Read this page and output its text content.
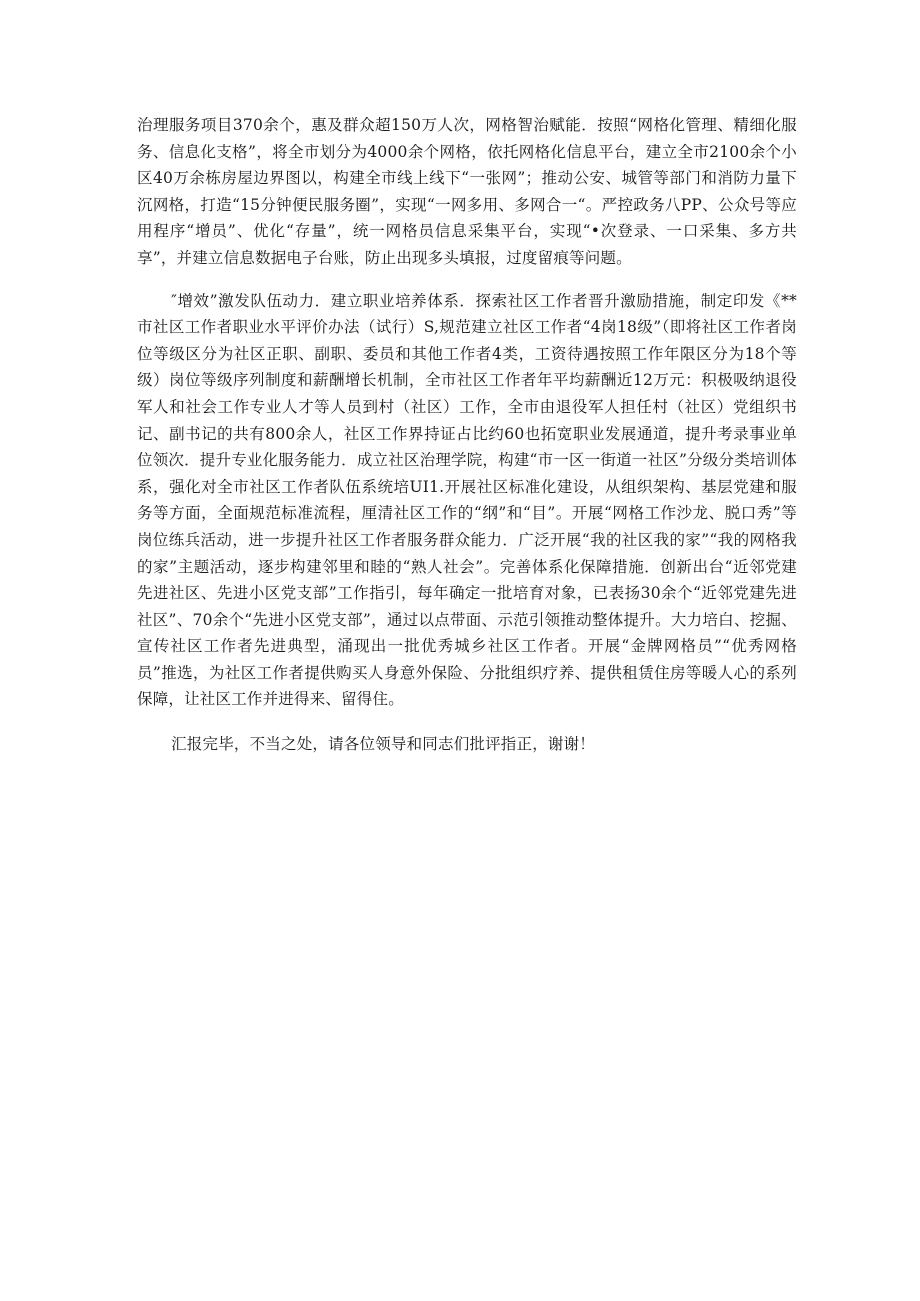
治理服务项目370余个，惠及群众超150万人次，网格智治赋能．按照“网格化管理、精细化服务、信息化支格”，将全市划分为4000余个网格，依托网格化信息平台，建立全市2100余个小区40万余栋房屋边界图以，构建全市线上线下“一张网”；推动公安、城管等部门和消防力量下沉网格，打造“15分钟便民服务圈”，实现“一网多用、多网合一“。严控政务八PP、公众号等应用程序“增员”、优化“存量”，统一网格员信息采集平台，实现“•次登录、一口采集、多方共享”，并建立信息数据电子台账，防止出现多头填报，过度留痕等问题。

″增效”激发队伍动力．建立职业培养体系．探索社区工作者晋升激励措施，制定印发《**市社区工作者职业水平评价办法（试行）S,规范建立社区工作者“4岗18级”（即将社区工作者岗位等级区分为社区正职、副职、委员和其他工作者4类，工资待遇按照工作年限区分为18个等级）岗位等级序列制度和薪酬增长机制，全市社区工作者年平均薪酬近12万元：积极吸纳退役军人和社会工作专业人才等人员到村（社区）工作，全市由退役军人担任村（社区）党组织书记、副书记的共有800余人，社区工作界持证占比约60也拓宽职业发展通道，提升考录事业单位领次．提升专业化服务能力．成立社区治理学院，构建“市一区一街道一社区”分级分类培训体系，强化对全市社区工作者队伍系统培UI1.开展社区标准化建设，从组织架构、基层党建和服务等方面，全面规范标准流程，厘清社区工作的“纲”和“目”。开展“网格工作沙龙、脱口秀”等岗位练兵活动，进一步提升社区工作者服务群众能力．广泛开展“我的社区我的家”“我的网格我的家”主题活动，逐步构建邻里和睦的“熟人社会”。完善体系化保障措施．创新出台“近邻党建先进社区、先进小区党支部”工作指引，每年确定一批培育对象，已表扬30余个“近邻党建先进社区”、70余个“先进小区党支部”，通过以点带面、示范引领推动整体提升。大力培白、挖掘、宣传社区工作者先进典型，涌现出一批优秀城乡社区工作者。开展“金牌网格员”“优秀网格员”推选，为社区工作者提供购买人身意外保险、分批组织疗养、提供租赁住房等暖人心的系列保障，让社区工作并进得来、留得住。

汇报完毕，不当之处，请各位领导和同志们批评指正，谢谢！
